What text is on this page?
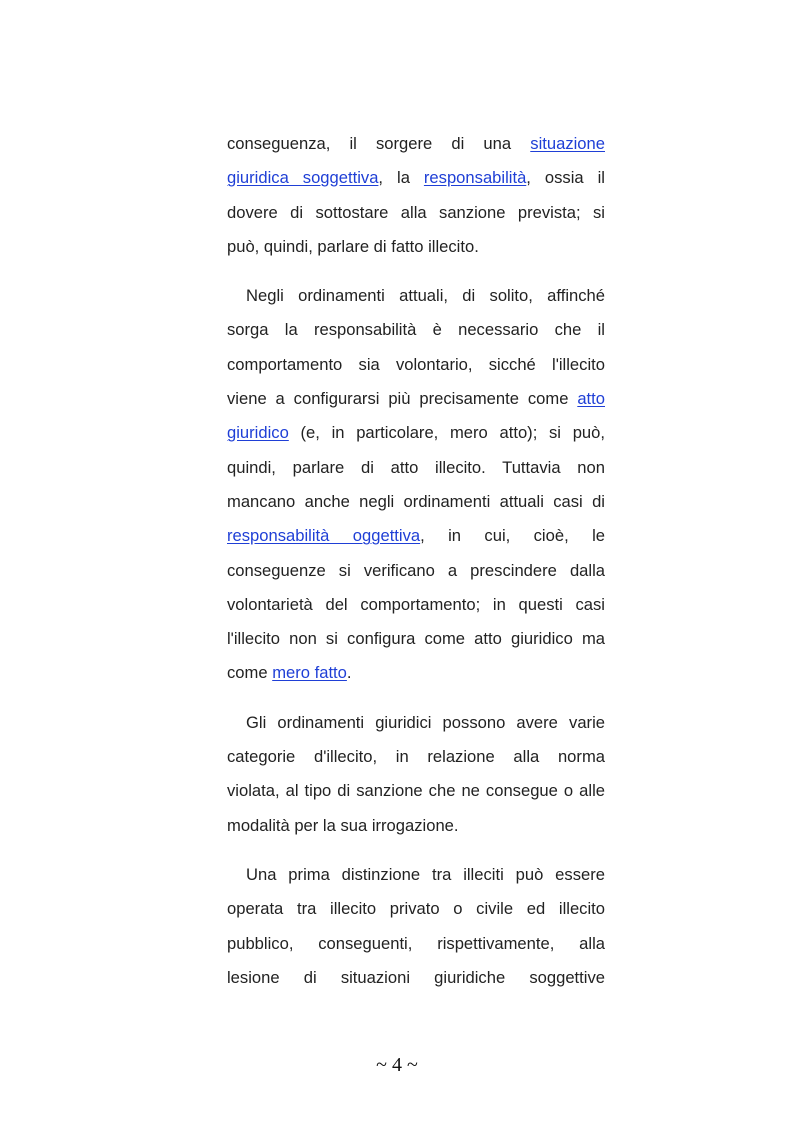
conseguenza, il sorgere di una situazione
giuridica soggettiva, la responsabilità, ossia il
dovere di sottostare alla sanzione prevista; si
può, quindi, parlare di fatto illecito.
Negli ordinamenti attuali, di solito, affinché
sorga la responsabilità è necessario che il
comportamento sia volontario, sicché l'illecito
viene a configurarsi più precisamente come atto
giuridico (e, in particolare, mero atto); si può,
quindi, parlare di atto illecito. Tuttavia non
mancano anche negli ordinamenti attuali casi di
responsabilità oggettiva, in cui, cioè, le
conseguenze si verificano a prescindere dalla
volontarietà del comportamento; in questi casi
l'illecito non si configura come atto giuridico ma
come mero fatto.
Gli ordinamenti giuridici possono avere varie
categorie d'illecito, in relazione alla norma
violata, al tipo di sanzione che ne consegue o alle
modalità per la sua irrogazione.
Una prima distinzione tra illeciti può essere
operata tra illecito privato o civile ed illecito
pubblico, conseguenti, rispettivamente, alla
lesione di situazioni giuridiche soggettive
~ 4 ~
